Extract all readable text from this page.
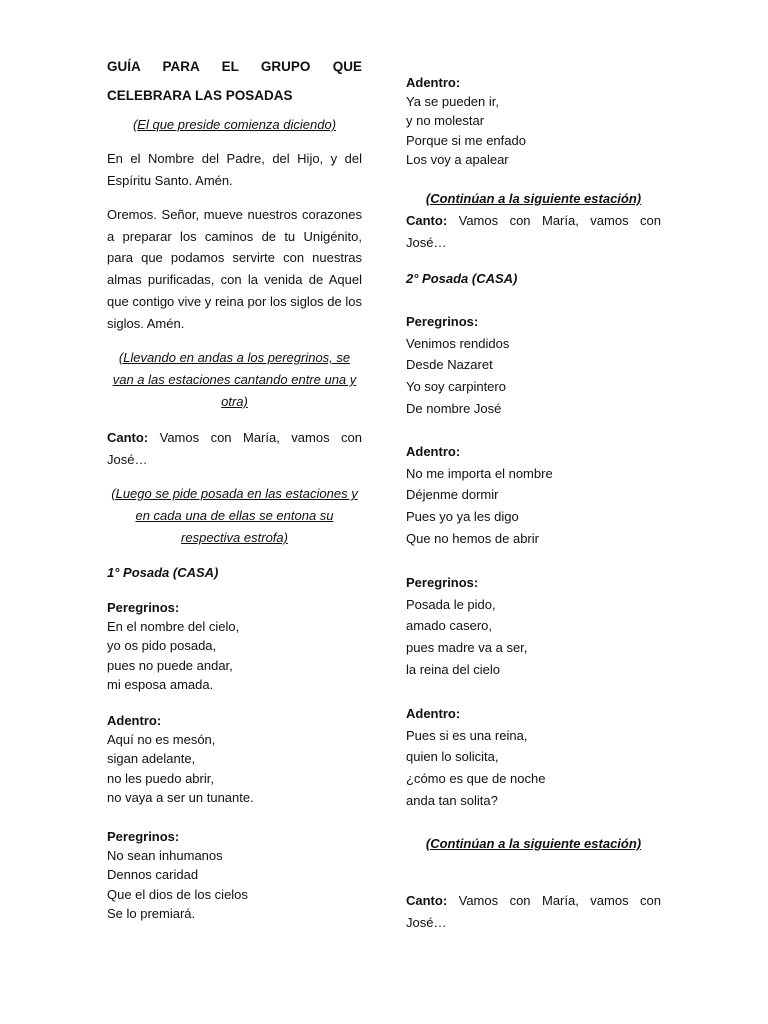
GUÍA PARA EL GRUPO QUE
CELEBRARA LAS POSADAS
(El que preside comienza diciendo)
En el Nombre del Padre, del Hijo, y del Espíritu Santo. Amén.
Oremos. Señor, mueve nuestros corazones a preparar los caminos de tu Unigénito, para que podamos servirte con nuestras almas purificadas, con la venida de Aquel que contigo vive y reina por los siglos de los siglos. Amén.
(Llevando en andas a los peregrinos, se van a las estaciones cantando entre una y otra)
Canto: Vamos con María, vamos con
José…
(Luego se pide posada en las estaciones y en cada una de ellas se entona su respectiva estrofa)
1° Posada (CASA)
Peregrinos:
En el nombre del cielo,
yo os pido posada,
pues no puede andar,
mi esposa amada.
Adentro:
Aquí no es mesón,
sigan adelante,
no les puedo abrir,
no vaya a ser un tunante.
Peregrinos:
No sean inhumanos
Dennos caridad
Que el dios de los cielos
Se lo premiará.
Adentro:
Ya se pueden ir,
y no molestar
Porque si me enfado
Los voy a apalear
(Continúan a la siguiente estación)
Canto: Vamos con María, vamos con
José…
2° Posada (CASA)
Peregrinos:
Venimos rendidos
Desde Nazaret
Yo soy carpintero
De nombre José
Adentro:
No me importa el nombre
Déjenme dormir
Pues yo ya les digo
Que no hemos de abrir
Peregrinos:
Posada le pido,
amado casero,
pues madre va a ser,
la reina del cielo
Adentro:
Pues si es una reina,
quien lo solicita,
¿cómo es que de noche
anda tan solita?
(Continúan a la siguiente estación)
Canto: Vamos con María, vamos con
José…
